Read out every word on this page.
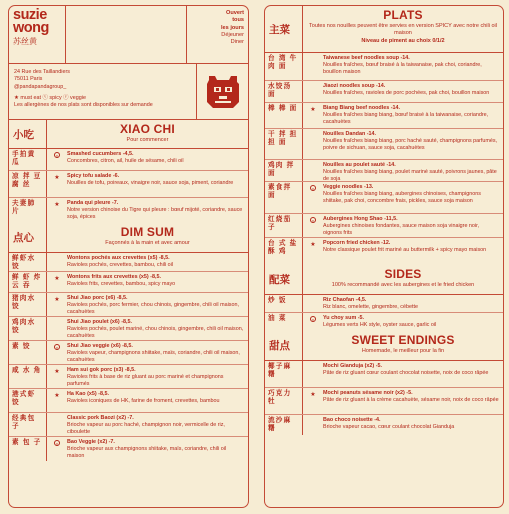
suzie
wong
苏丝黄
Ouvert
tous
les jours
Déjeuner
Diner
24 Rue des Taillandiers
75011 Paris
@pandapandagroup_
★ must eat ⓥ spicy ⓥ veggie
Les allergènes de nos plats sont disponibles sur demande
小吃	XIAO CHI
Pour commencer
手拍黄瓜
v	Smashed cucumbers -4,5.
Concombres, citron, ail, huile de sésame, chili oil
凉 拌 豆 腐 丝
★	Spicy tofu salade -6.
Nouilles de tofu, poireaux, vinaigre noir, sauce soja, piment, coriandre
夫妻肺片
★	Panda qui pleure -7.
Notre version chinoise du Tigre qui pleure : bœuf mijoté, coriandre, sauce soja, épices
点心	DIM SUM
Façonnés à la main et avec amour
鲜虾水饺
Wontons pochés aux crevettes (x5) -8,5.
Ravioles pochés, crevettes, bambou, chili oil
鲜 虾 炸 云 吞
★	Wontons frits aux crevettes (x5) -8,5.
Ravioles frits, crevettes, bambou, spicy mayo
猪肉水饺
★	Shui Jiao porc (x6) -8,5.
Ravioles pochés, porc fermier, chou chinois, gingembre, chili oil maison, cacahuètes
鸡肉水饺
Shui Jiao poulet (x6) -8,5.
Ravioles pochés, poulet mariné, chou chinois, gingembre, chili oil maison, cacahuètes
素 饺	v	Shui Jiao veggie (x6) -8,5.
Ravioles vapeur, champignons shiitake, maïs, coriandre, chili oil maison, cacahuètes
咸 水 角	★	Ham sui gok porc (x3) -8,5.
Ravioles frits à base de riz gluant au porc mariné et champignons parfumés
港式虾饺
★	Ha Kao (x5) -8,5.
Ravioles iconiques de HK, farine de froment, crevettes, bambou
经典包子
Classic pork Baozi (x2) -7.
Brioche vapeur au porc haché, champignon noir, vermicelle de riz, ciboulette
素 包 子	v	Bao Veggie (x2) -7.
Brioche vapeur aux champignons shiitake, maïs, coriandre, chili oil maison
主菜
PLATS
Toutes nos nouilles peuvent être servies en version SPICY avec notre chili oil maison
Niveau de piment au choix 0/1/2
台 湾 牛 肉 面
Taiwanese beef noodles soup -14.
Nouilles fraîches, bœuf braisé à la taiwanaise, pak choi, coriandre, bouillon maison
水饺汤面
Jiaozi noodles soup -14.
Nouilles fraîches, ravioles de porc pochées, pak choi, bouillon maison
棒 棒 面	★	Biang Biang beef noodles -14.
Nouilles fraîches biang biang, bœuf braisé à la taiwanaise, coriandre, cacahuètes
干 拌 担 担 面
Nouilles Dandan -14.
Nouilles fraîches biang biang, porc haché sauté, champignons parfumés, poivre de sichuan, sauce soja, cacahuètes
鸡肉 拌面
Nouilles au poulet sauté -14.
Nouilles fraîches biang biang, poulet mariné sauté, poivrons jaunes, pâte de soja
素食拌面
v	Veggie noodles -13.
Nouilles fraîches biang biang, aubergines chinoises, champignons shiitake, pak choi, concombre frais, pickles, sauce soja maison
红烧茄子
v	Aubergines Hong Shao -11,5.
Aubergines chinoises fondantes, sauce maison soja vinaigre noir, oignons frits
台 式 盐 酥 鸡
★	Popcorn fried chicken -12.
Notre classique poulet frit mariné au buttermilk + spicy mayo maison
配菜	SIDES
100% recommandé avec les aubergines et le fried chicken
炒 饭	Riz Chaofan -4,5.
Riz blanc, omelette, gingembre, cébette
油 菜	v	Yu choy sum -5.
Légumes verts HK style, oyster sauce, garlic oil
甜点	SWEET ENDINGS
Homemade, le meilleur pour la fin
椰子麻糬
Mochi Gianduja (x2) -5.
Pâte de riz gluant cœur coulant chocolat noisette, noix de coco râpée
巧克力 牡
★	Mochi peanuts sésame noir (x2) -5.
Pâte de riz gluant à la crème cacahuète, sésame noir, noix de coco râpée
流沙麻糬
Bao choco noisette -4.
Brioche vapeur cacao, cœur coulant chocolat Gianduja
